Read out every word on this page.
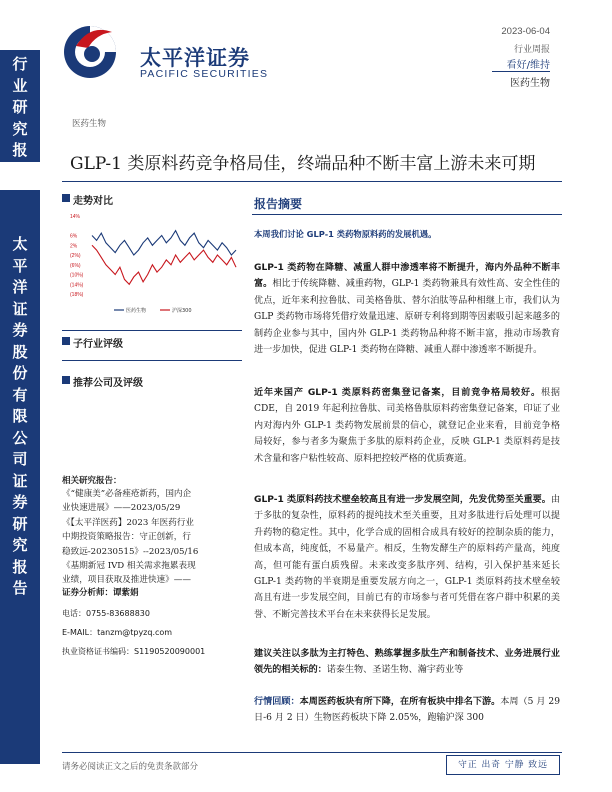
太平洋证券
PACIFIC SECURITIES
2023-06-04
行业周报
看好/维持
医药生物
行业研究报告
太平洋证券股份有限公司证券研究报告
医药生物
GLP-1 类原料药竞争格局佳，终端品种不断丰富上游未来可期
走势对比
14%
6%
2%
(2%)
(6%)
(10%)
(14%)
(18%)
医药生物	沪深300
子行业评级
推荐公司及评级
相关研究报告：
《“健康美”必备痤疮新药，国内企
业快速进展》——2023/05/29
《【太平洋医药】2023 年医药行业
中期投资策略报告：守正创新，行
稳致远-20230515》--2023/05/16
《基期新冠 IVD 相关需求拖累表现
业绩，项目获取及推进快速》——
证券分析师：谭紫娟
电话：0755-83688830
E-MAIL：tanzm@tpyzq.com
执业资格证书编码：S1190520090001
报告摘要
本周我们讨论 GLP-1 类药物原料药的发展机遇。
GLP-1 类药物在降糖、减重人群中渗透率将不断提升，海内外品种不断丰富。相比于传统降糖、减重药物，GLP-1 类药物兼具有效性高、安全性佳的优点，近年来利拉鲁肽、司美格鲁肽、替尔泊肽等品种相继上市，我们认为 GLP 类药物市场将凭借疗效量迅速、原研专利将到期等因素吸引起来越多的制药企业参与其中，国内外 GLP-1 类药物品种将不断丰富，推动市场教育进一步加快，促进 GLP-1 类药物在降糖、减重人群中渗透率不断提升。
近年来国产 GLP-1 类原料药密集登记备案，目前竞争格局较好。根据 CDE，自 2019 年起利拉鲁肽、司美格鲁肽原料药密集登记备案，印证了业内对海内外 GLP-1 类药物发展前景的信心，就登记企业来看，目前竞争格局较好，参与者多为聚焦于多肽的原料药企业，反映 GLP-1 类原料药是技术含量和客户粘性较高、原料把控较严格的优质赛道。
GLP-1 类原料药技术壁垒较高且有进一步发展空间，先发优势至关重要。由于多肽的复杂性，原料药的提纯技术至关重要，且对多肽进行后处理可以提升药物的稳定性。其中，化学合成的固相合成具有较好的控制杂质的能力，但成本高，纯度低，不易量产。相反，生物发酵生产的原料药产量高，纯度高，但可能有蛋白质残留。未来改变多肽序列、结构，引入保护基来延长 GLP-1 类药物的半衰期是重要发展方向之一，GLP-1 类原料药技术壁垒较高且有进一步发展空间，目前已有的市场参与者可凭借在客户群中积累的美誉、不断完善技术平台在未来获得长足发展。
建议关注以多肽为主打特色、熟练掌握多肽生产和制备技术、业务进展行业领先的相关标的：诺泰生物、圣诺生物、瀚宇药业等
行情回顾：本周医药板块有所下降，在所有板块中排名下游。本周（5 月 29 日-6 月 2 日）生物医药板块下降 2.05%，跑输沪深 300
请务必阅读正文之后的免责条款部分	守正 出奇 宁静 致远
